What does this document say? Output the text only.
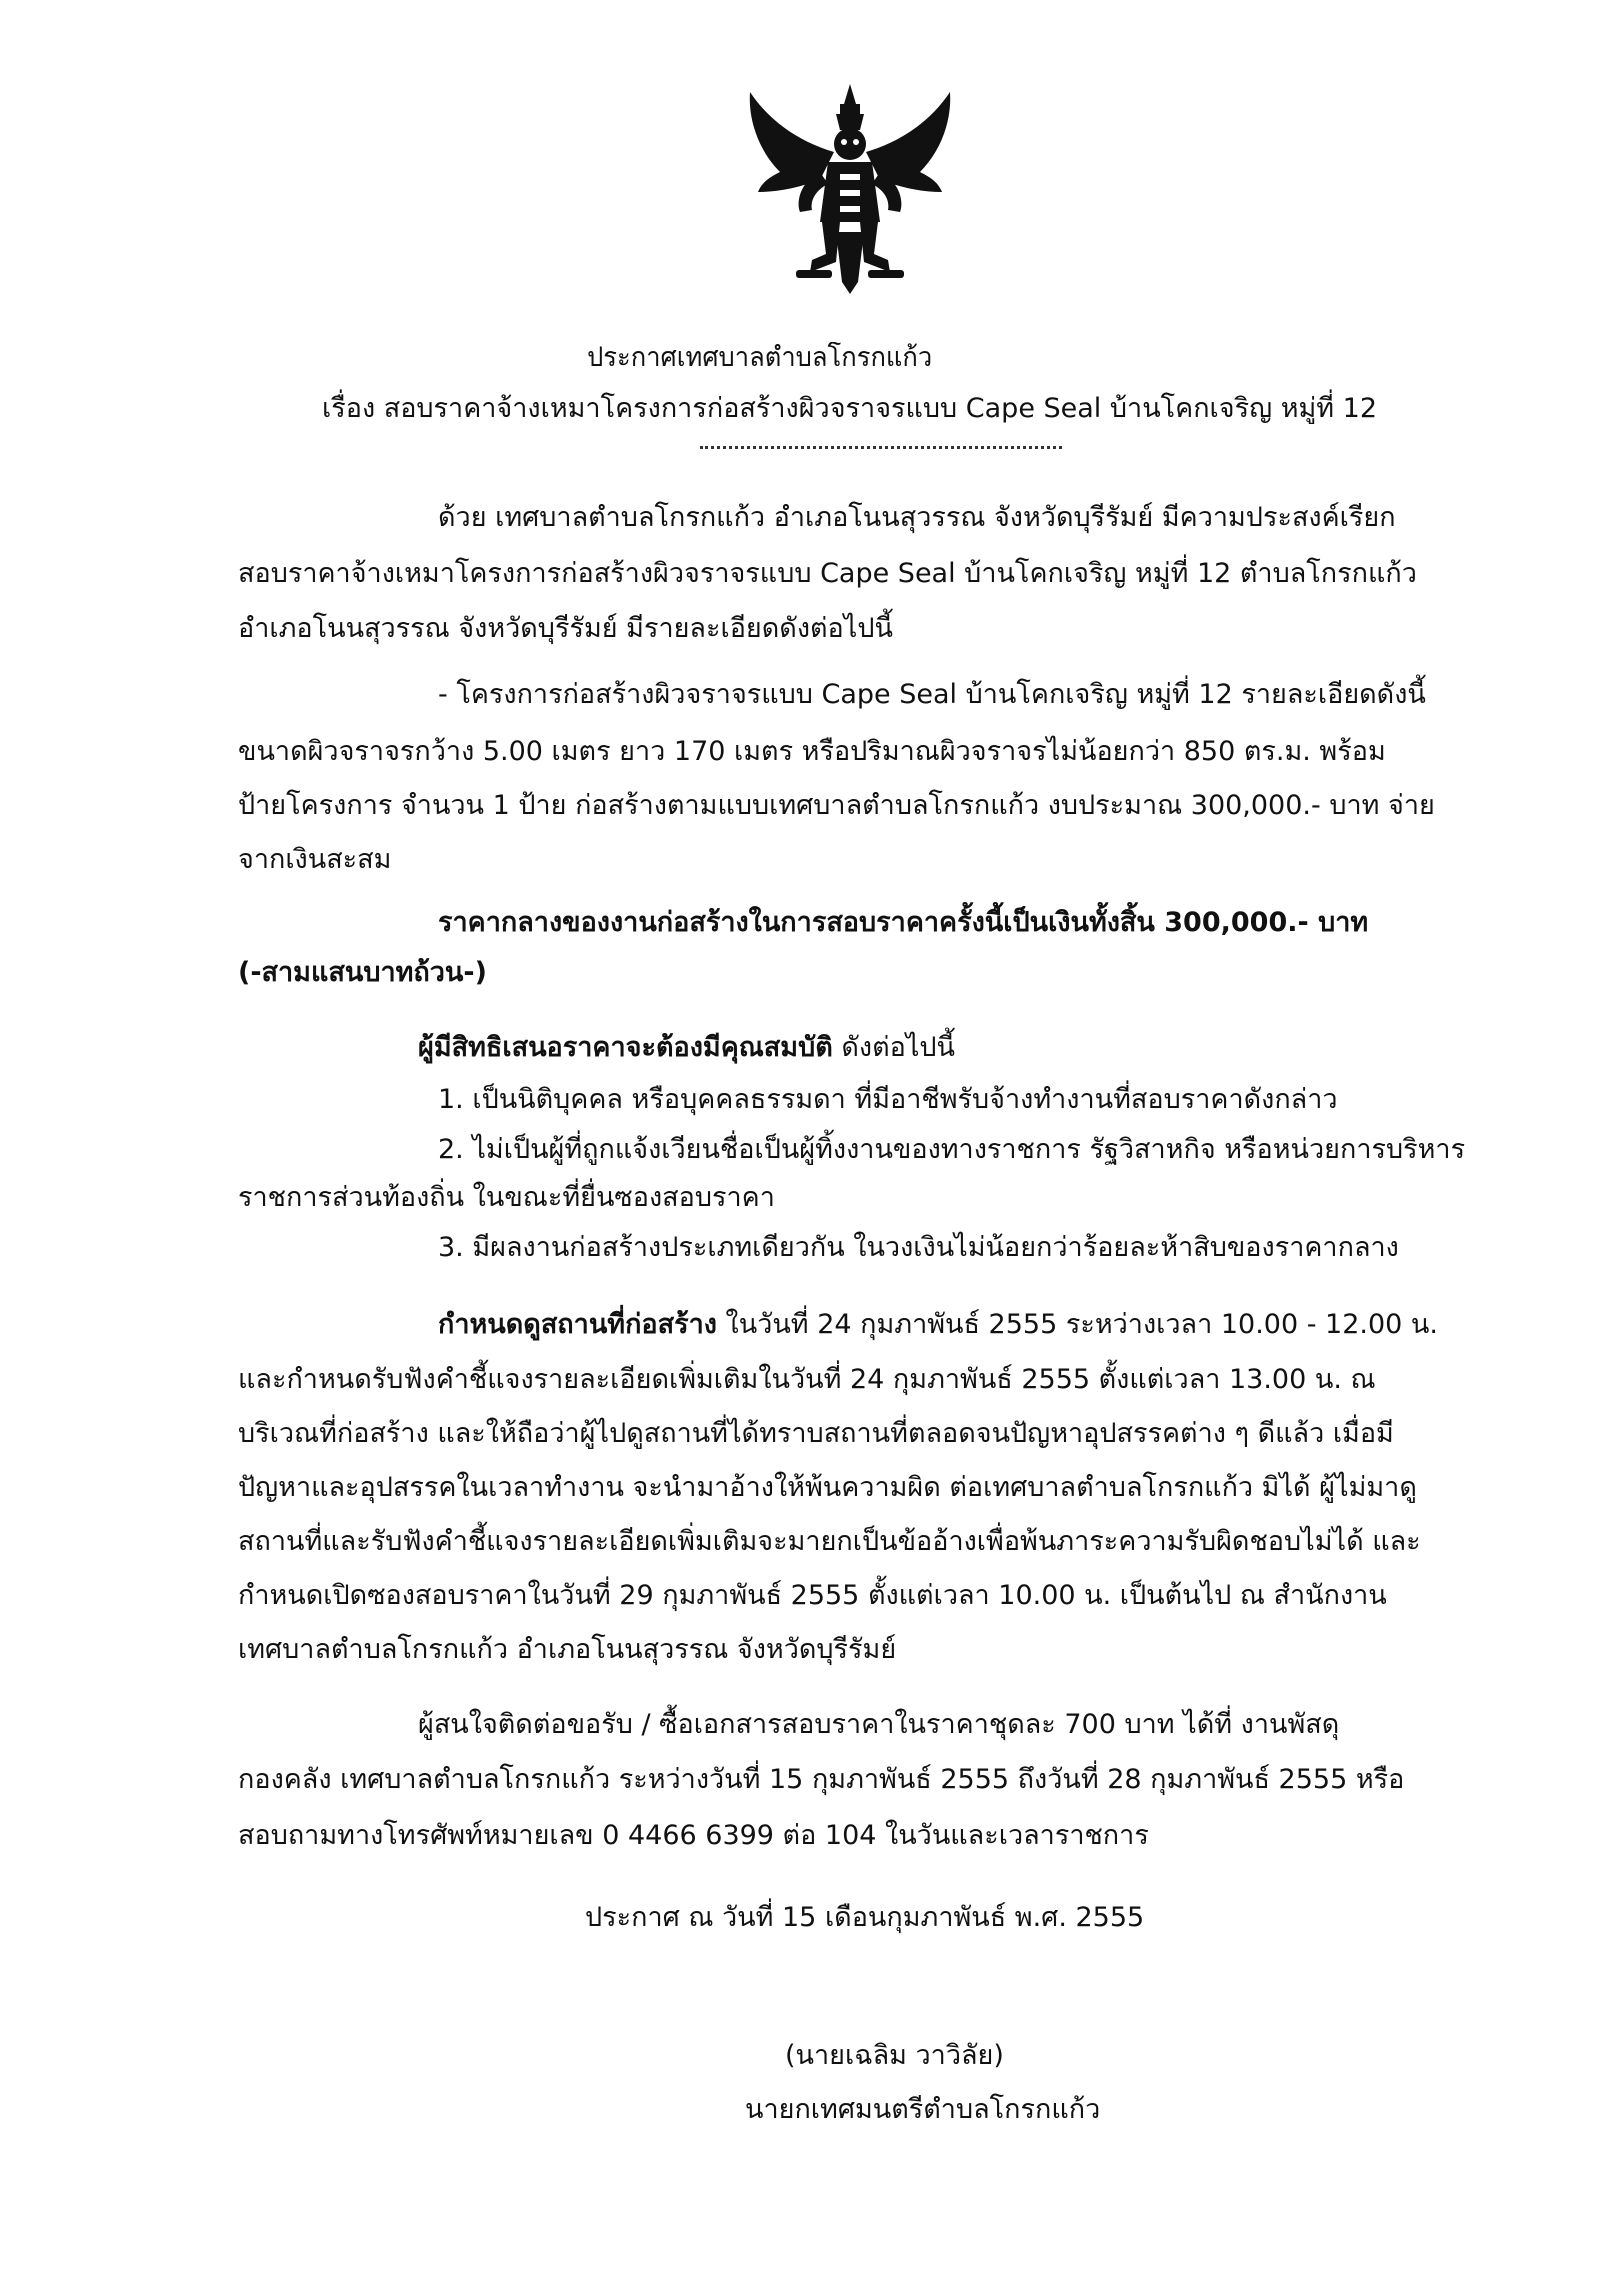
ประกาศเทศบาลตำบลโกรกแก้ว
เรื่อง สอบราคาจ้างเหมาโครงการก่อสร้างผิวจราจรแบบ Cape Seal บ้านโคกเจริญ หมู่ที่ 12
ด้วย เทศบาลตำบลโกรกแก้ว อำเภอโนนสุวรรณ จังหวัดบุรีรัมย์ มีความประสงค์เรียก
สอบราคาจ้างเหมาโครงการก่อสร้างผิวจราจรแบบ Cape Seal บ้านโคกเจริญ หมู่ที่ 12 ตำบลโกรกแก้ว
อำเภอโนนสุวรรณ จังหวัดบุรีรัมย์ มีรายละเอียดดังต่อไปนี้
- โครงการก่อสร้างผิวจราจรแบบ Cape Seal บ้านโคกเจริญ หมู่ที่ 12 รายละเอียดดังนี้
ขนาดผิวจราจรกว้าง 5.00 เมตร ยาว 170 เมตร หรือปริมาณผิวจราจรไม่น้อยกว่า 850 ตร.ม. พร้อม
ป้ายโครงการ จำนวน 1 ป้าย ก่อสร้างตามแบบเทศบาลตำบลโกรกแก้ว งบประมาณ 300,000.- บาท จ่าย
จากเงินสะสม
ราคากลางของงานก่อสร้างในการสอบราคาครั้งนี้เป็นเงินทั้งสิ้น 300,000.- บาท
(-สามแสนบาทถ้วน-)
ผู้มีสิทธิเสนอราคาจะต้องมีคุณสมบัติ ดังต่อไปนี้
1. เป็นนิติบุคคล หรือบุคคลธรรมดา ที่มีอาชีพรับจ้างทำงานที่สอบราคาดังกล่าว
2. ไม่เป็นผู้ที่ถูกแจ้งเวียนชื่อเป็นผู้ทิ้งงานของทางราชการ รัฐวิสาหกิจ หรือหน่วยการบริหาร
ราชการส่วนท้องถิ่น ในขณะที่ยื่นซองสอบราคา
3. มีผลงานก่อสร้างประเภทเดียวกัน ในวงเงินไม่น้อยกว่าร้อยละห้าสิบของราคากลาง
กำหนดดูสถานที่ก่อสร้าง ในวันที่ 24 กุมภาพันธ์ 2555 ระหว่างเวลา 10.00 - 12.00 น.
และกำหนดรับฟังคำชี้แจงรายละเอียดเพิ่มเติมในวันที่ 24 กุมภาพันธ์ 2555 ตั้งแต่เวลา 13.00 น. ณ
บริเวณที่ก่อสร้าง และให้ถือว่าผู้ไปดูสถานที่ได้ทราบสถานที่ตลอดจนปัญหาอุปสรรคต่าง ๆ ดีแล้ว เมื่อมี
ปัญหาและอุปสรรคในเวลาทำงาน จะนำมาอ้างให้พ้นความผิด ต่อเทศบาลตำบลโกรกแก้ว มิได้ ผู้ไม่มาดู
สถานที่และรับฟังคำชี้แจงรายละเอียดเพิ่มเติมจะมายกเป็นข้ออ้างเพื่อพ้นภาระความรับผิดชอบไม่ได้ และ
กำหนดเปิดซองสอบราคาในวันที่ 29 กุมภาพันธ์ 2555 ตั้งแต่เวลา 10.00 น. เป็นต้นไป ณ สำนักงาน
เทศบาลตำบลโกรกแก้ว อำเภอโนนสุวรรณ จังหวัดบุรีรัมย์
ผู้สนใจติดต่อขอรับ / ซื้อเอกสารสอบราคาในราคาชุดละ 700 บาท ได้ที่ งานพัสดุ
กองคลัง เทศบาลตำบลโกรกแก้ว ระหว่างวันที่ 15 กุมภาพันธ์ 2555 ถึงวันที่ 28 กุมภาพันธ์ 2555 หรือ
สอบถามทางโทรศัพท์หมายเลข 0 4466 6399 ต่อ 104 ในวันและเวลาราชการ
ประกาศ ณ วันที่ 15 เดือนกุมภาพันธ์ พ.ศ. 2555
(นายเฉลิม วาวิลัย)
นายกเทศมนตรีตำบลโกรกแก้ว
